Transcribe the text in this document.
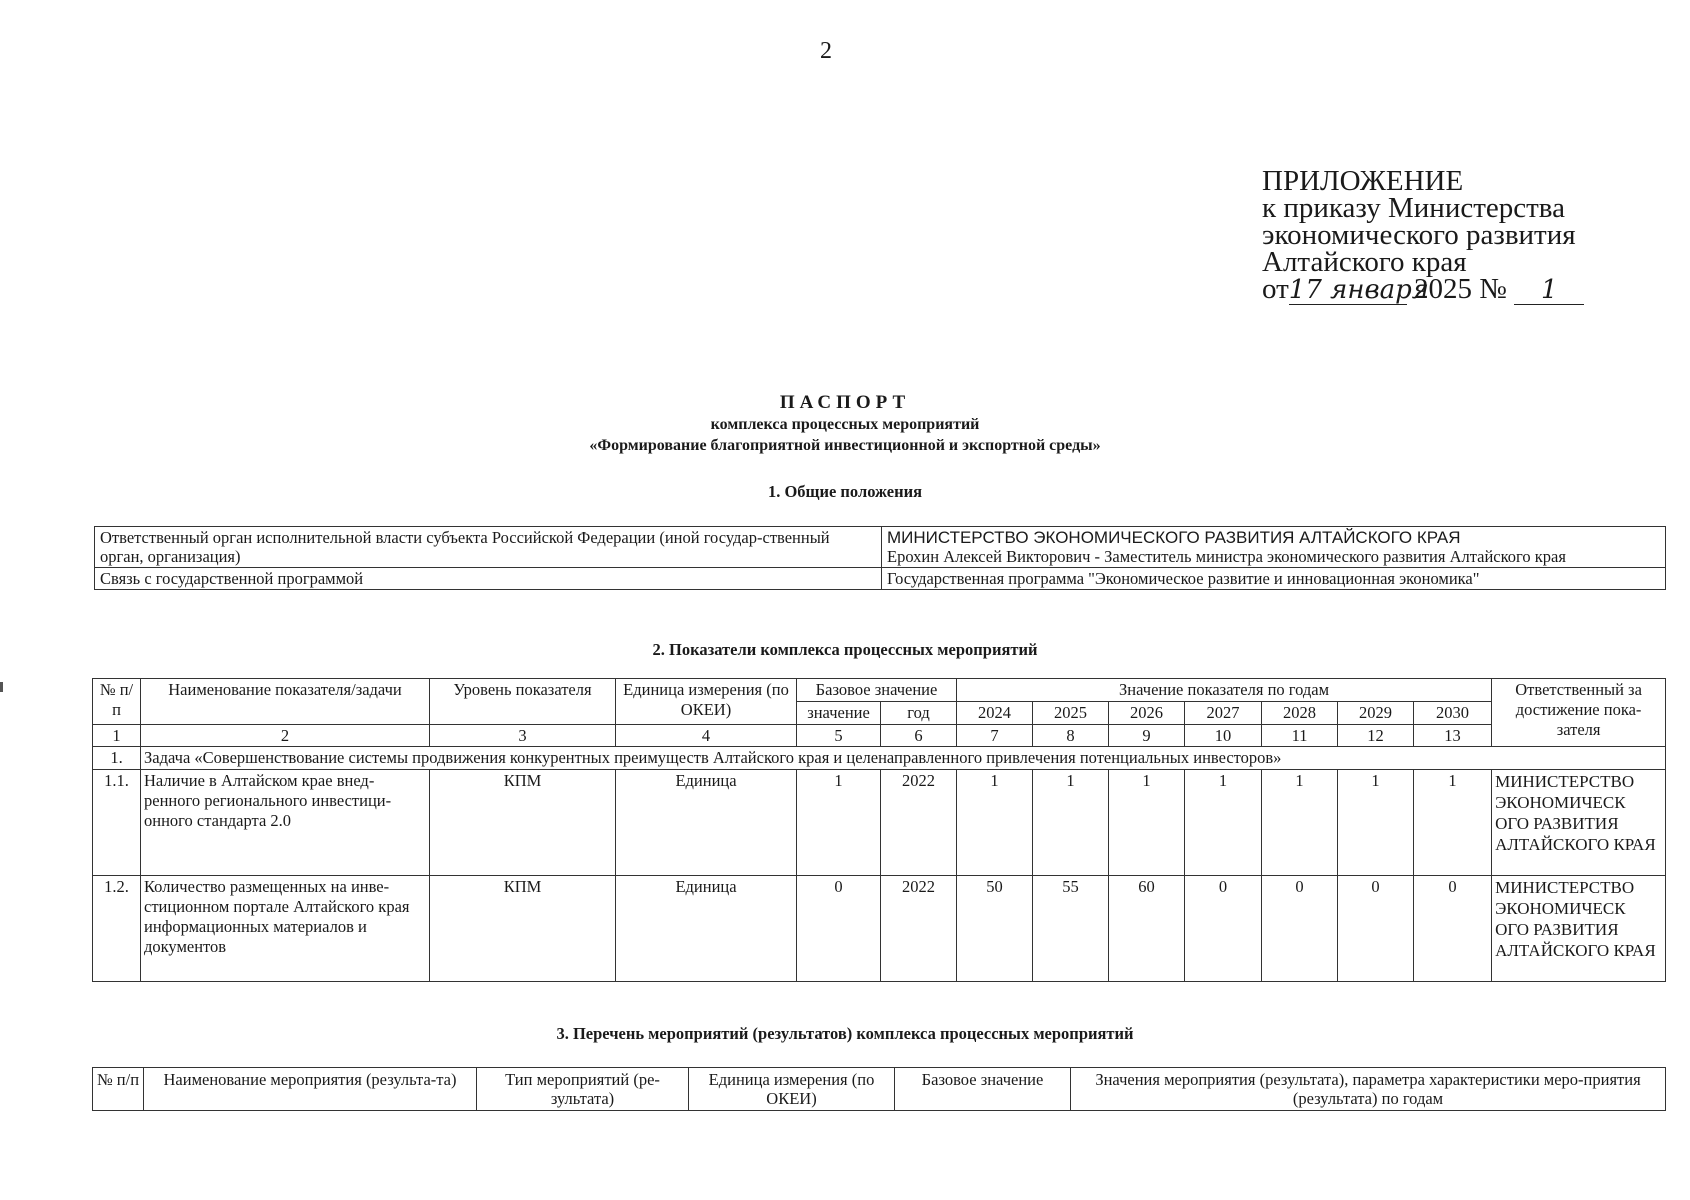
2
ПРИЛОЖЕНИЕ
к приказу Министерства
экономического развития
Алтайского края
от17 января 2025 № 1
ПАСПОРТ
комплекса процессных мероприятий
«Формирование благоприятной инвестиционной и экспортной среды»
1. Общие положения
Ответственный орган исполнительной власти субъекта Российской Федерации (иной государ-ственный орган, организация)	МИНИСТЕРСТВО ЭКОНОМИЧЕСКОГО РАЗВИТИЯ АЛТАЙСКОГО КРАЯ
Ерохин Алексей Викторович - Заместитель министра экономического развития Алтайского края

Связь с государственной программой	Государственная программа "Экономическое развитие и инновационная экономика"
2. Показатели комплекса процессных мероприятий
№ п/п	Наименование показателя/задачи	Уровень показателя	Единица измерения (по ОКЕИ)	Базовое значение		Значение показателя по годам							Ответственный за достижение пока-зателя
				значение	год	2024	2025	2026	2027	2028	2029	2030	
1	2	3	4	5	6	7	8	9	10	11	12	13	
1.	Задача «Совершенствование системы продвижения конкурентных преимуществ Алтайского края и целенаправленного привлечения потенциальных инвесторов»												
1.1.	Наличие в Алтайском крае внед-ренного регионального инвестици-онного стандарта 2.0	КПМ	Единица	1	2022	1	1	1	1	1	1	1	МИНИСТЕРСТВО ЭКОНОМИЧЕСК ОГО РАЗВИТИЯ АЛТАЙСКОГО КРАЯ
1.2.	Количество размещенных на инве-стиционном портале Алтайского края информационных материалов и документов	КПМ	Единица	0	2022	50	55	60	0	0	0	0	МИНИСТЕРСТВО ЭКОНОМИЧЕСК ОГО РАЗВИТИЯ АЛТАЙСКОГО КРАЯ
3. Перечень мероприятий (результатов) комплекса процессных мероприятий
№ п/п	Наименование мероприятия (результа-та)	Тип мероприятий (ре-зультата)	Единица измерения (по ОКЕИ)	Базовое значение	Значения мероприятия (результата), параметра характеристики меро-приятия (результата) по годам
